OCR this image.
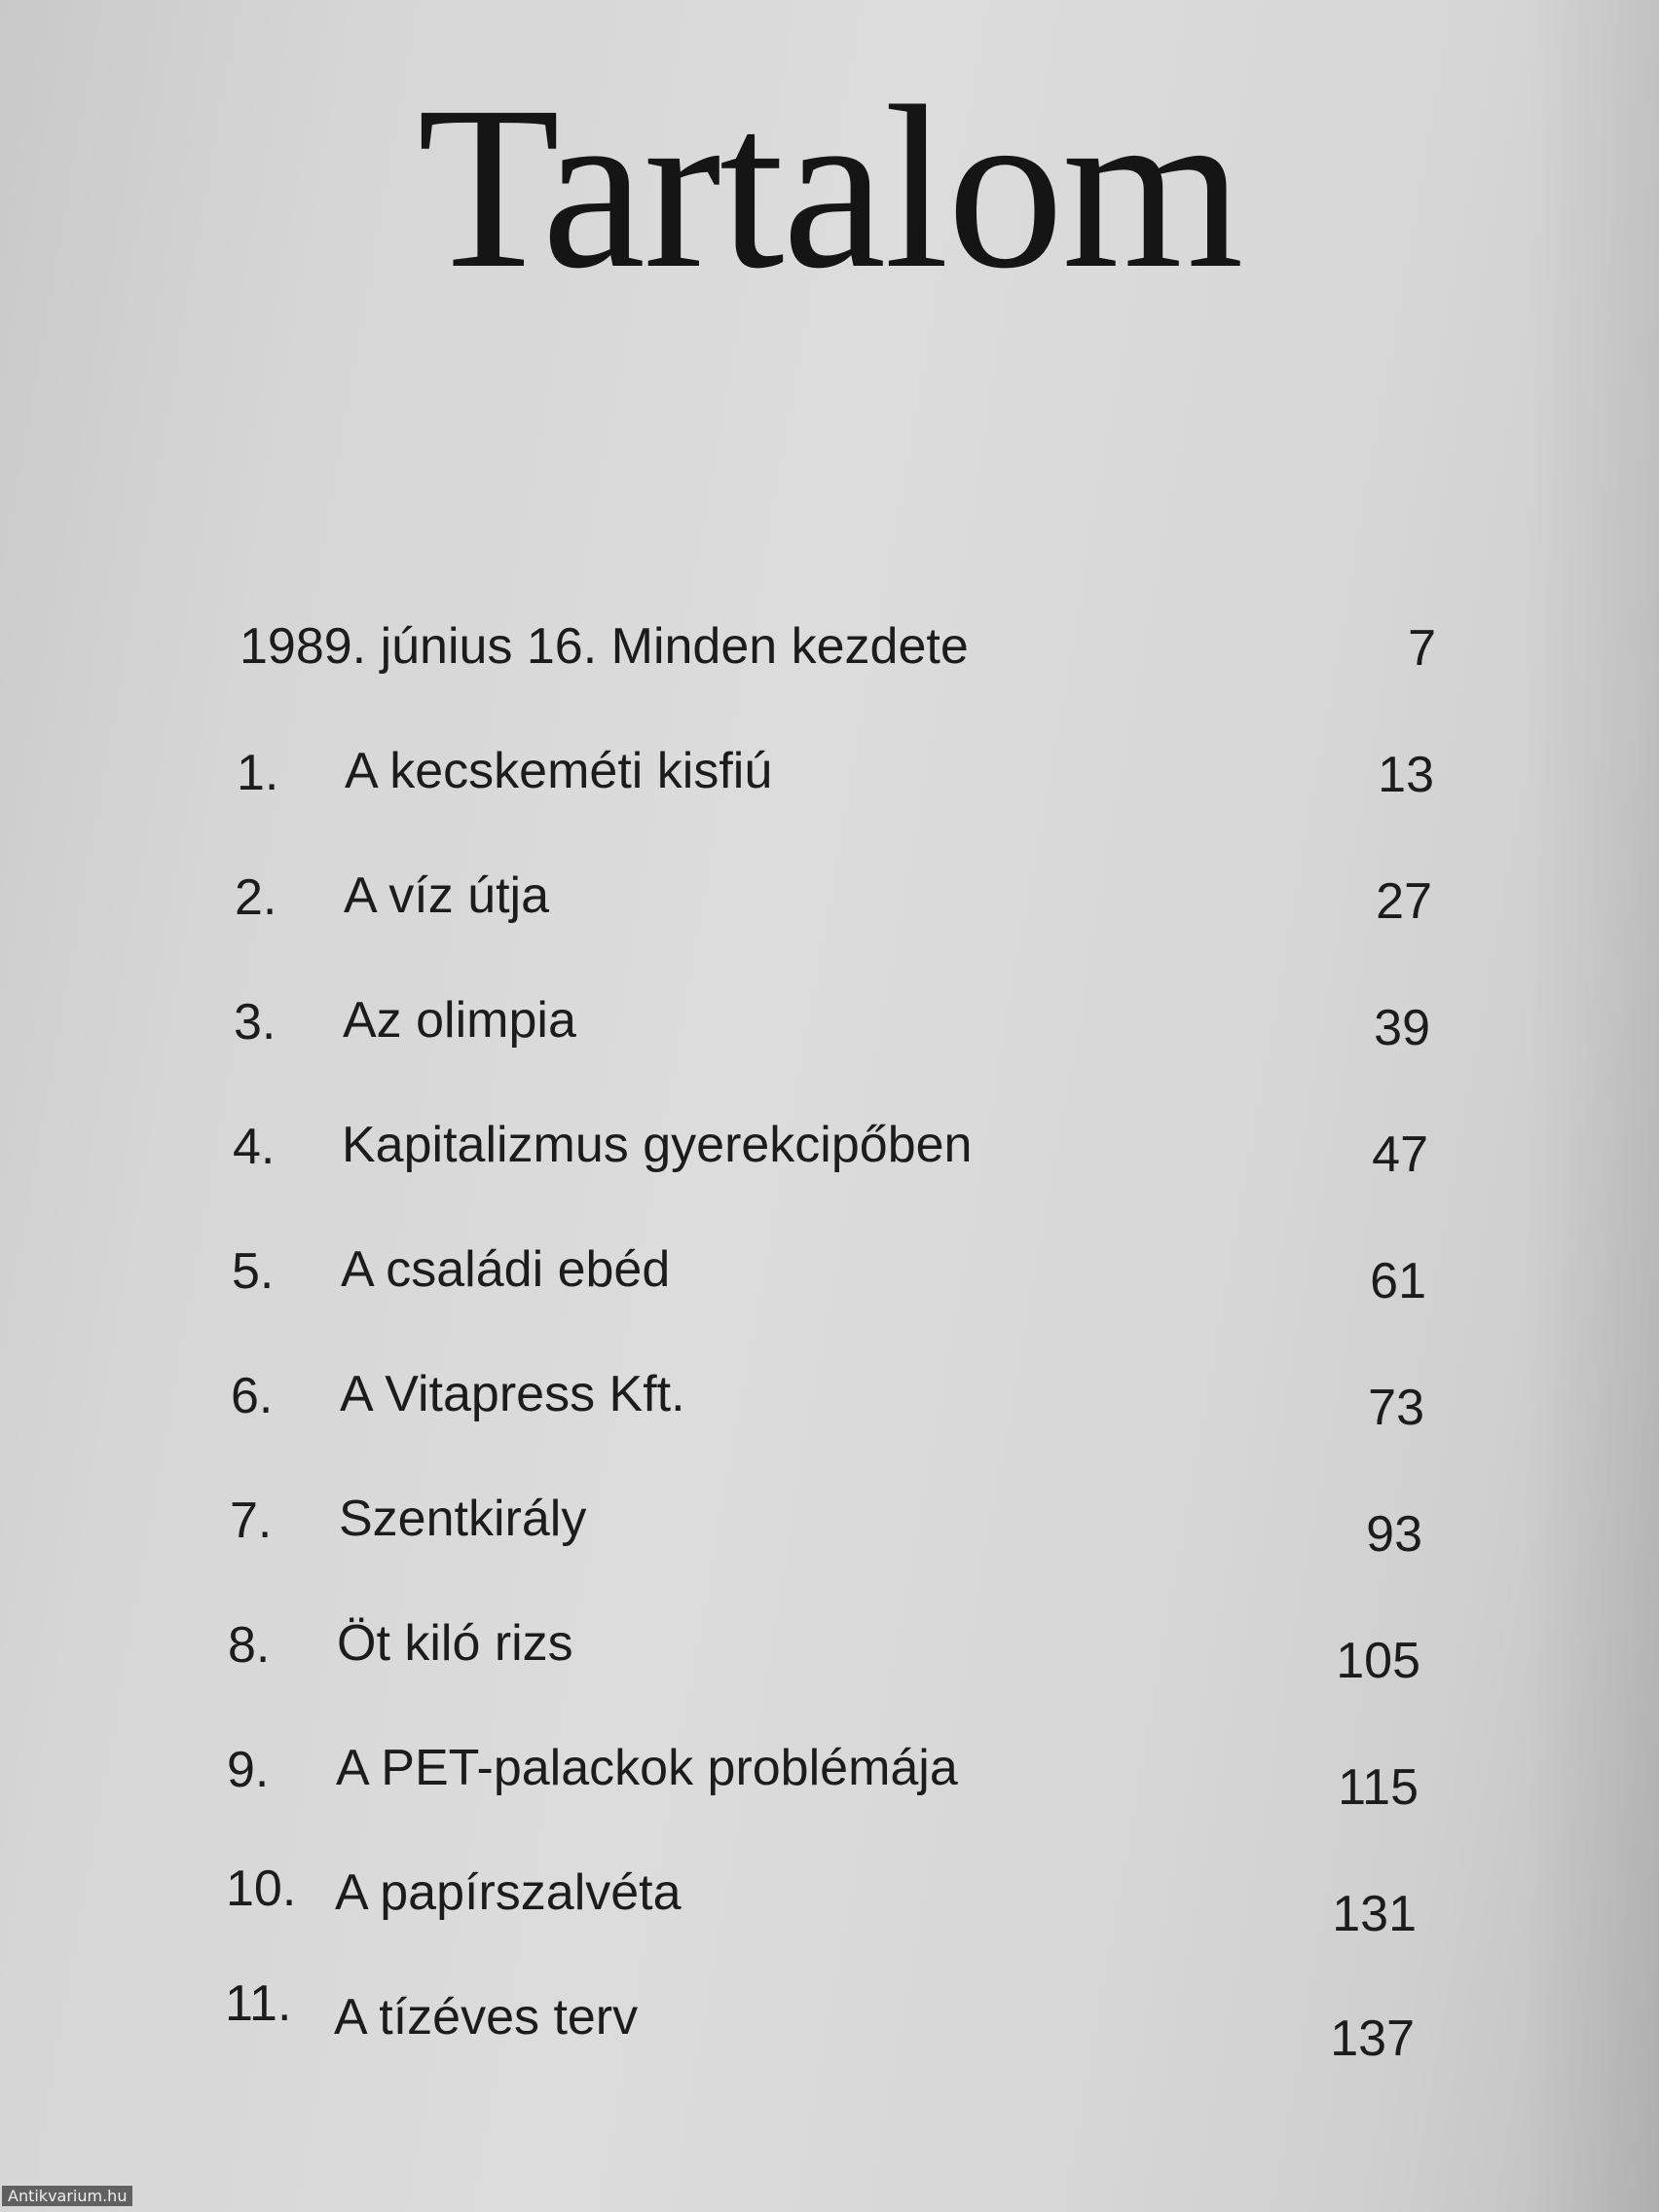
Tartalom
1989. június 16. Minden kezdete	7
1. A kecskeméti kisfiú	13
2. A víz útja	27
3. Az olimpia	39
4. Kapitalizmus gyerekcipőben	47
5. A családi ebéd	61
6. A Vitapress Kft.	73
7. Szentkirály	93
8. Öt kiló rizs	105
9. A PET-palackok problémája	115
10. A papírszalvéta	131
11. A tízéves terv	137
Antikvarium.hu
